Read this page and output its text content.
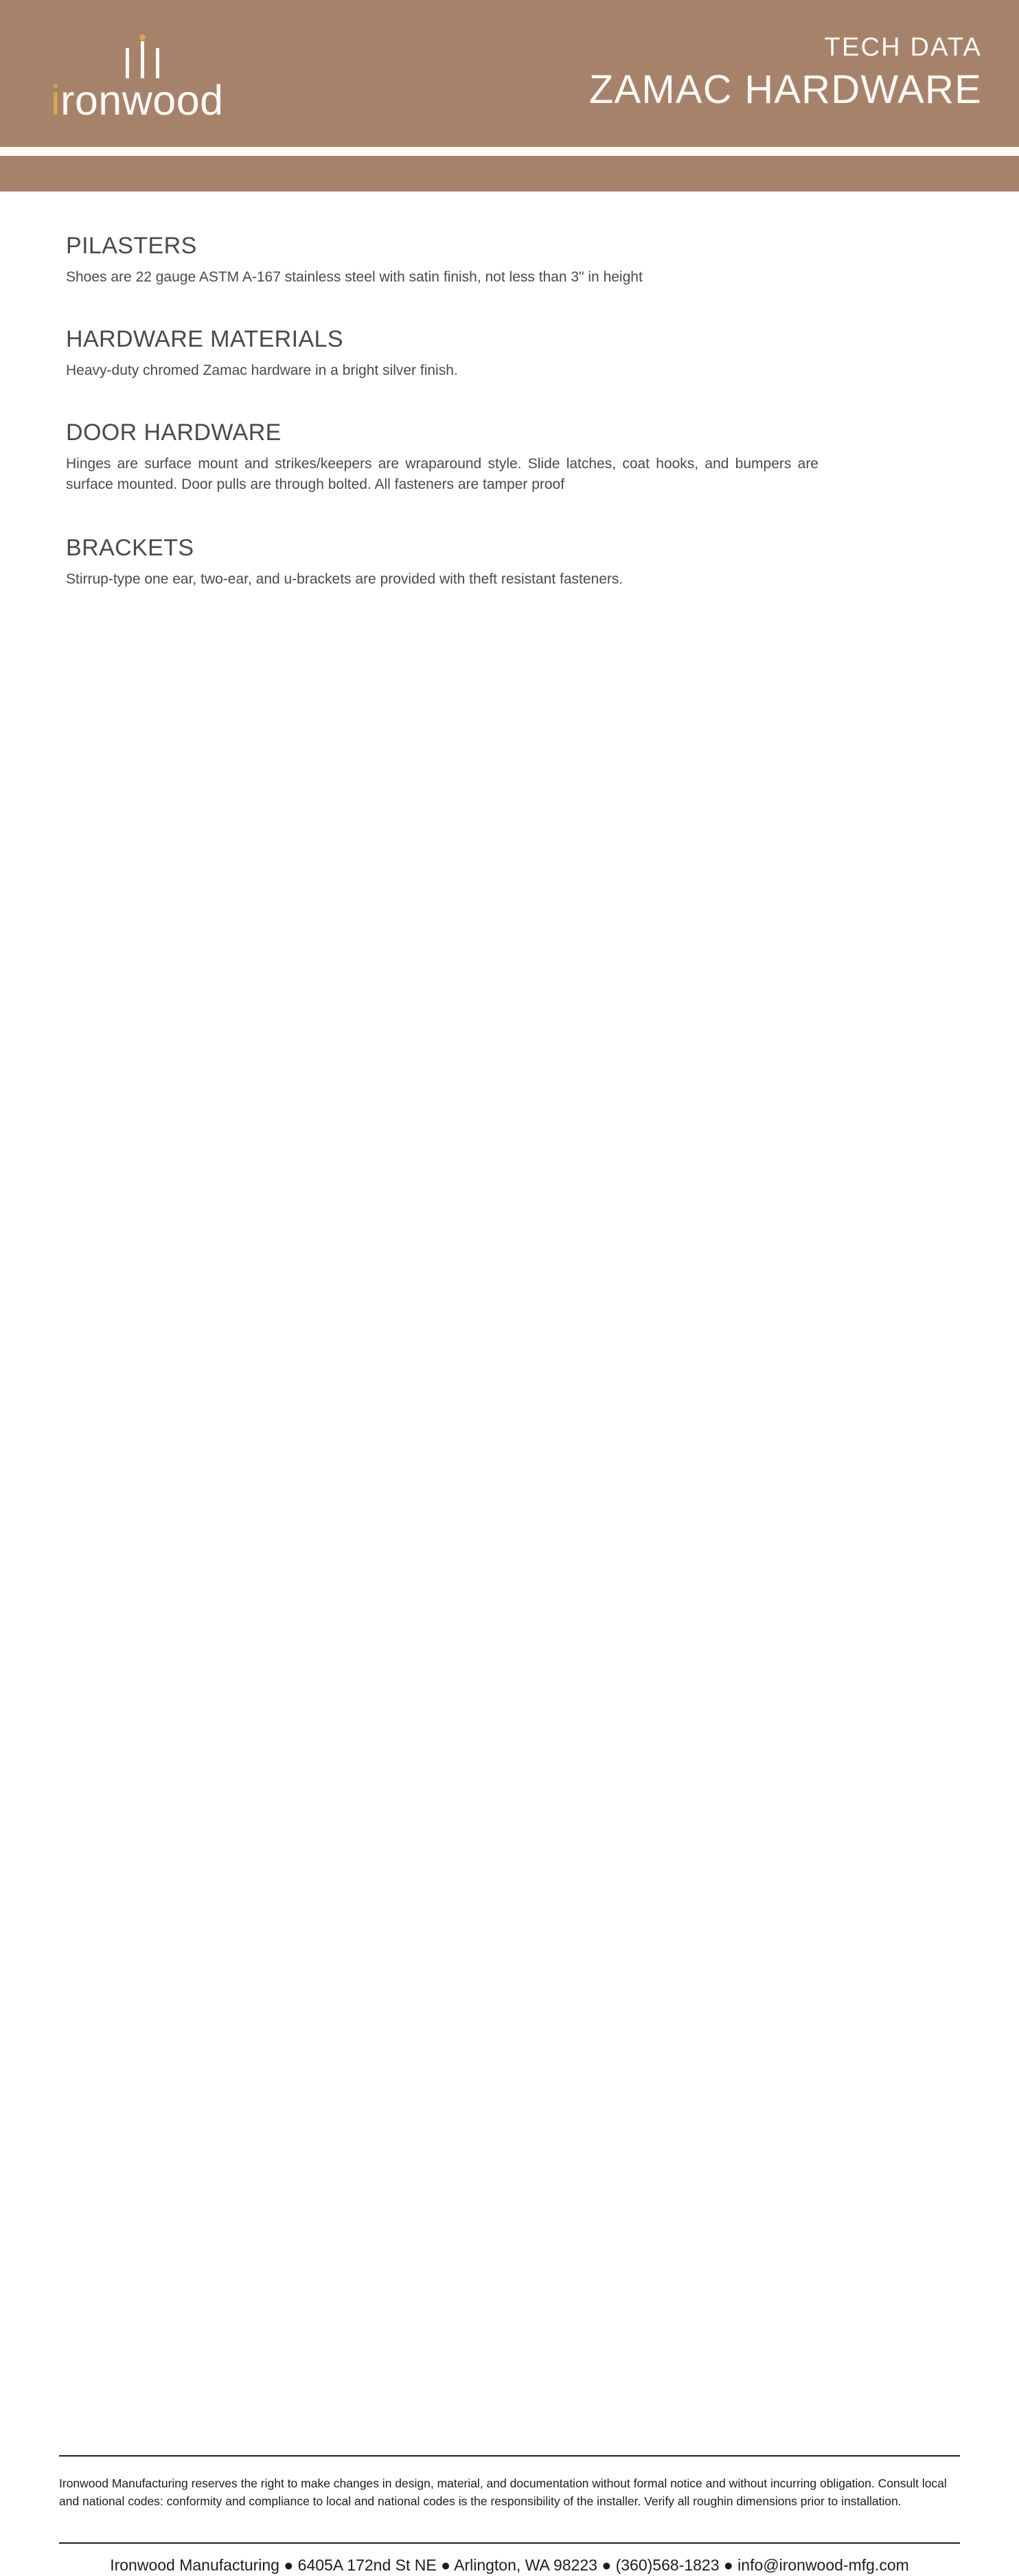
ironwood
TECH DATA
ZAMAC HARDWARE
PILASTERS

Shoes are 22 gauge ASTM A-167 stainless steel with satin finish, not less than 3" in height

HARDWARE MATERIALS

Heavy-duty chromed Zamac hardware in a bright silver finish.

DOOR HARDWARE

Hinges are surface mount and strikes/keepers are wraparound style. Slide latches, coat hooks, and bumpers are surface mounted. Door pulls are through bolted. All fasteners are tamper proof

BRACKETS

Stirrup-type one ear, two-ear, and u-brackets are provided with theft resistant fasteners.

Ironwood Manufacturing reserves the right to make changes in design, material, and documentation without formal notice and without incurring obligation. Consult local and national codes: conformity and compliance to local and national codes is the responsibility of the installer. Verify all roughin dimensions prior to installation.

Ironwood Manufacturing ● 6405A 172nd St NE ● Arlington, WA 98223 ● (360)568-1823 ● info@ironwood-mfg.com
